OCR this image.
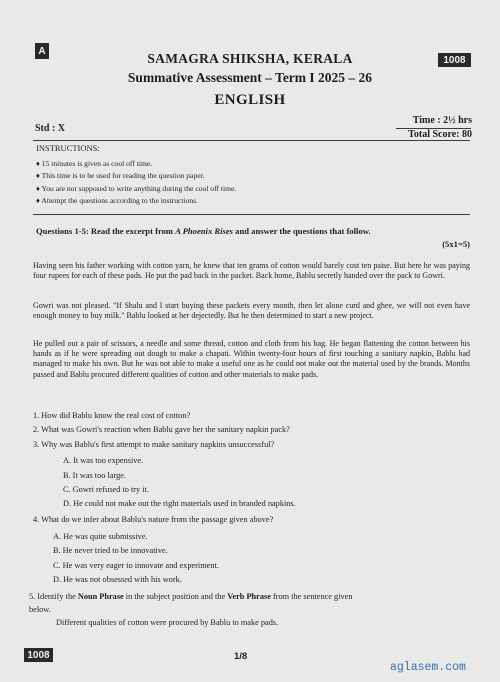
A
1008
SAMAGRA SHIKSHA, KERALA
Summative Assessment – Term I 2025 – 26
ENGLISH
Std : X
Time : 2½ hrs
Total Score: 80
INSTRUCTIONS:
♦ 15 minutes is given as cool off time.
♦ This time is to be used for reading the question paper.
♦ You are not supposed to write anything during the cool off time.
♦ Attempt the questions according to the instructions.
Questions 1-5: Read the excerpt from A Phoenix Rises and answer the questions that follow.
(5x1=5)
Having seen his father working with cotton yarn, he knew that ten grams of cotton would barely cost ten paise. But here he was paying four rupees for each of these pads. He put the pad back in the packet. Back home, Bablu secretly handed over the pack to Gowri.
Gowri was not pleased. "If Shalu and I start buying these packets every month, then let alone curd and ghee, we will not even have enough money to buy milk." Bablu looked at her dejectedly. But he then determined to start a new project.
He pulled out a pair of scissors, a needle and some thread, cotton and cloth from his bag. He began flattening the cotton between his hands as if he were spreading out dough to make a chapati. Within twenty-four hours of first touching a sanitary napkin, Bablu had managed to make his own. But he was not able to make a useful one as he could not make out the material used by the brands. Months passed and Bablu procured different qualities of cotton and other materials to make pads.
1. How did Bablu know the real cost of cotton?
2. What was Gowri's reaction when Bablu gave her the sanitary napkin pack?
3. Why was Bablu's first attempt to make sanitary napkins unsuccessful?
A. It was too expensive.
B. It was too large.
C. Gowri refused to try it.
D. He could not make out the right materials used in branded napkins.
4. What do we infer about Bablu's nature from the passage given above?
A. He was quite submissive.
B. He never tried to be innovative.
C. He was very eager to innovate and experiment.
D. He was not obsessed with his work.
5. Identify the Noun Phrase in the subject position and the Verb Phrase from the sentence given
below.
Different qualities of cotton were procured by Bablu to make pads.
1008	1/8
aglasem.com
